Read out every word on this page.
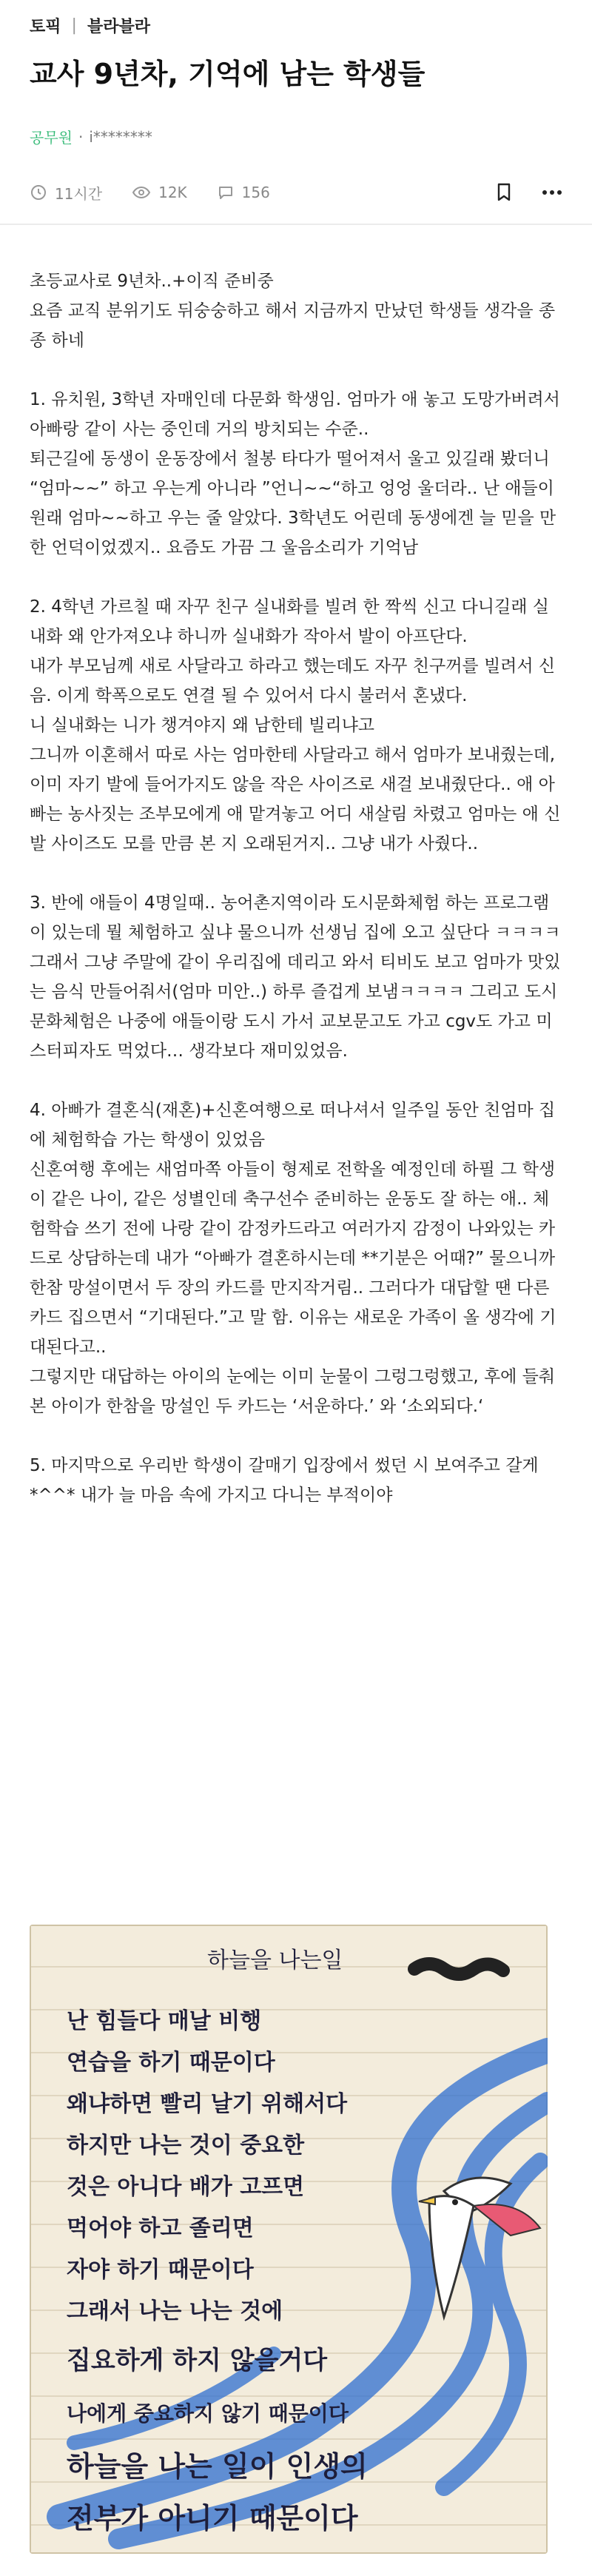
토픽 | 블라블라
교사 9년차, 기억에 남는 학생들
공무원 · i********
11시간	12K	156

초등교사로 9년차..+이직 준비중
요즘 교직 분위기도 뒤숭숭하고 해서 지금까지 만났던 학생들 생각을 종종 하네

1. 유치원, 3학년 자매인데 다문화 학생임. 엄마가 애 놓고 도망가버려서 아빠랑 같이 사는 중인데 거의 방치되는 수준..
퇴근길에 동생이 운동장에서 철봉 타다가 떨어져서 울고 있길래 봤더니
“엄마~~” 하고 우는게 아니라 ”언니~~“하고 엉엉 울더라.. 난 애들이 원래 엄마~~하고 우는 줄 알았다. 3학년도 어린데 동생에겐 늘 믿을 만 한 언덕이었겠지.. 요즘도 가끔 그 울음소리가 기억남

2. 4학년 가르칠 때 자꾸 친구 실내화를 빌려 한 짝씩 신고 다니길래 실내화 왜 안가져오냐 하니까 실내화가 작아서 발이 아프단다.
내가 부모님께 새로 사달라고 하라고 했는데도 자꾸 친구꺼를 빌려서 신음. 이게 학폭으로도 연결 될 수 있어서 다시 불러서 혼냈다.
니 실내화는 니가 챙겨야지 왜 남한테 빌리냐고
그니까 이혼해서 따로 사는 엄마한테 사달라고 해서 엄마가 보내줬는데, 이미 자기 발에 들어가지도 않을 작은 사이즈로 새걸 보내줬단다.. 애 아빠는 농사짓는 조부모에게 애 맡겨놓고 어디 새살림 차렸고 엄마는 애 신발 사이즈도 모를 만큼 본 지 오래된거지.. 그냥 내가 사줬다..

3. 반에 애들이 4명일때.. 농어촌지역이라 도시문화체험 하는 프로그램이 있는데 뭘 체험하고 싶냐 물으니까 선생님 집에 오고 싶단다 ㅋㅋㅋㅋ 그래서 그냥 주말에 같이 우리집에 데리고 와서 티비도 보고 엄마가 맛있는 음식 만들어줘서(엄마 미안..) 하루 즐겁게 보냄ㅋㅋㅋㅋ 그리고 도시문화체험은 나중에 애들이랑 도시 가서 교보문고도 가고 cgv도 가고 미스터피자도 먹었다… 생각보다 재미있었음.

4. 아빠가 결혼식(재혼)+신혼여행으로 떠나셔서 일주일 동안 친엄마 집에 체험학습 가는 학생이 있었음
신혼여행 후에는 새엄마쪽 아들이 형제로 전학올 예정인데 하필 그 학생이 같은 나이, 같은 성별인데 축구선수 준비하는 운동도 잘 하는 애.. 체험학습 쓰기 전에 나랑 같이 감정카드라고 여러가지 감정이 나와있는 카드로 상담하는데 내가 “아빠가 결혼하시는데 **기분은 어때?” 물으니까 한참 망설이면서 두 장의 카드를 만지작거림.. 그러다가 대답할 땐 다른 카드 집으면서 “기대된다.”고 말 함. 이유는 새로운 가족이 올 생각에 기대된다고..
그렇지만 대답하는 아이의 눈에는 이미 눈물이 그렁그렁했고, 후에 들춰본 아이가 한참을 망설인 두 카드는 ‘서운하다.’ 와 ‘소외되다.‘

5. 마지막으로 우리반 학생이 갈매기 입장에서 썼던 시 보여주고 갈게*^^* 내가 늘 마음 속에 가지고 다니는 부적이야

하늘을 나는일
난 힘들다 매날 비행
연습을 하기 때문이다
왜냐하면 빨리 날기 위해서다
하지만 나는 것이 중요한
것은 아니다 배가 고프면
먹어야 하고 졸리면
자야 하기 때문이다
그래서 나는 나는 것에
집요하게 하지 않을거다
나에게 중요하지 않기 때문이다
하늘을 나는 일이 인생의
전부가 아니기 때문이다
